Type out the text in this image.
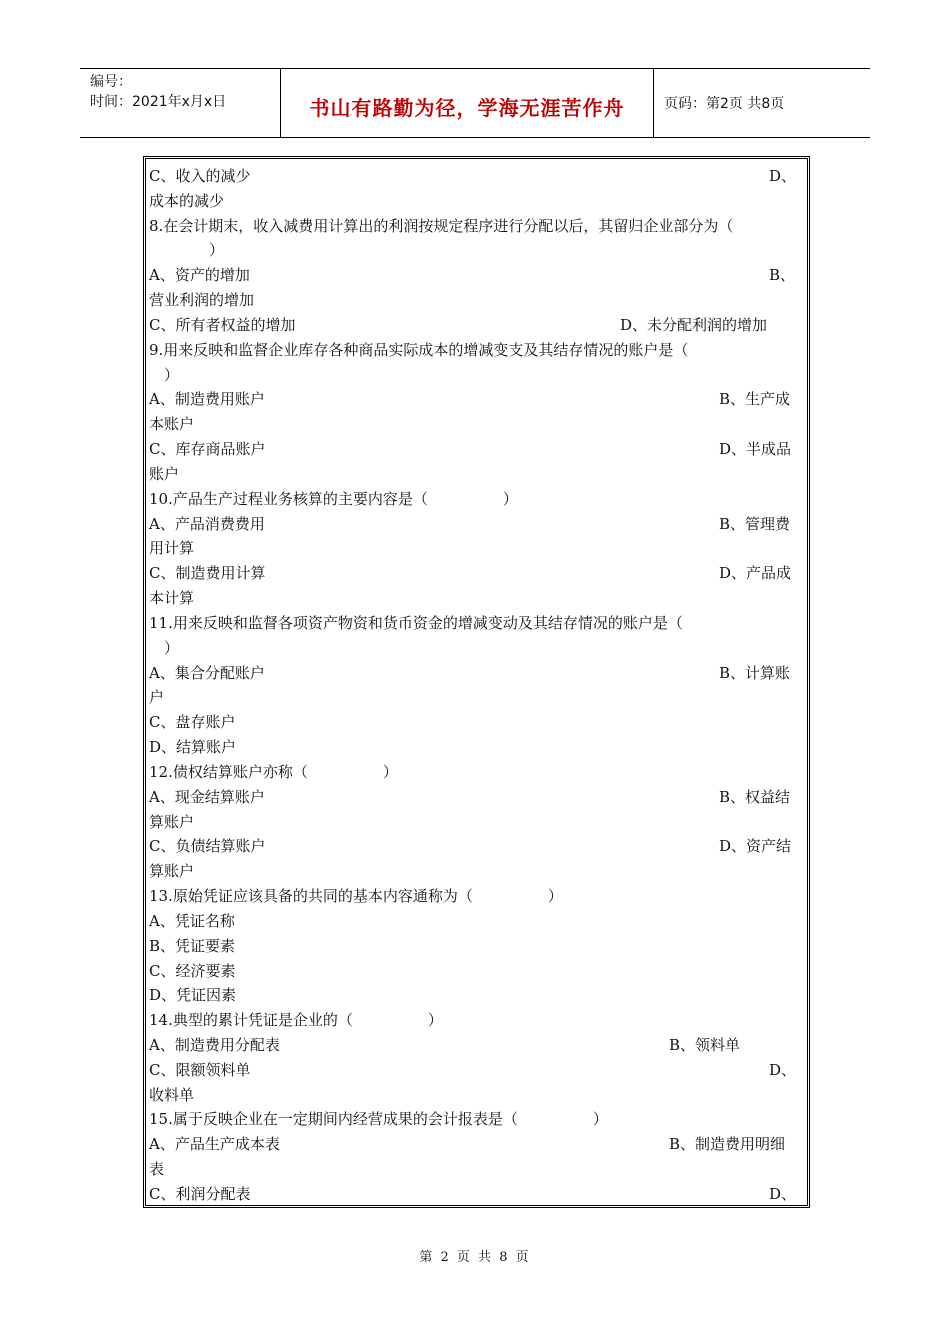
编号：
时间：2021年x月x日	书山有路勤为径，学海无涯苦作舟	页码：第2页 共8页
C、收入的减少	D、
成本的减少
8.在会计期末，收入减费用计算出的利润按规定程序进行分配以后，其留归企业部分为（
　　　　）
A、资产的增加	B、
营业利润的增加
C、所有者权益的增加	D、未分配利润的增加
9.用来反映和监督企业库存各种商品实际成本的增减变支及其结存情况的账户是（
　）
A、制造费用账户	B、生产成
本账户
C、库存商品账户	D、半成品
账户
10.产品生产过程业务核算的主要内容是（　　　　　）
A、产品消费费用	B、管理费
用计算
C、制造费用计算	D、产品成
本计算
11.用来反映和监督各项资产物资和货币资金的增减变动及其结存情况的账户是（
　）
A、集合分配账户	B、计算账
户
C、盘存账户
D、结算账户
12.债权结算账户亦称（　　　　　）
A、现金结算账户	B、权益结
算账户
C、负债结算账户	D、资产结
算账户
13.原始凭证应该具备的共同的基本内容通称为（　　　　　）
A、凭证名称
B、凭证要素
C、经济要素
D、凭证因素
14.典型的累计凭证是企业的（　　　　　）
A、制造费用分配表	B、领料单
C、限额领料单	D、
收料单
15.属于反映企业在一定期间内经营成果的会计报表是（　　　　　）
A、产品生产成本表	B、制造费用明细
表
C、利润分配表	D、
第 2 页 共 8 页
